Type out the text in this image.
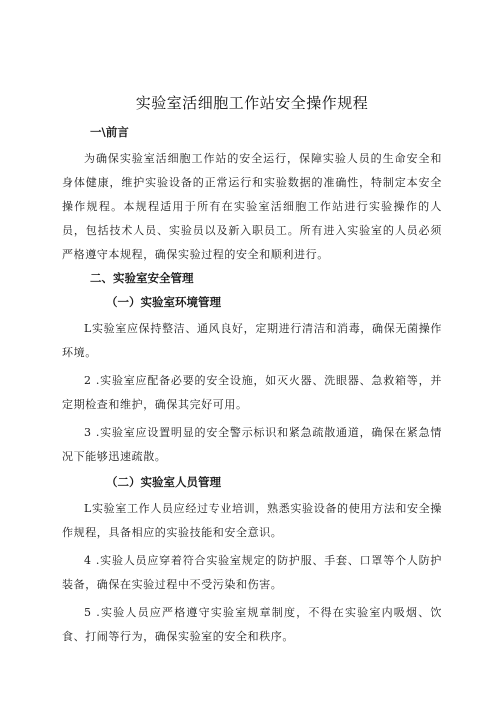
实验室活细胞工作站安全操作规程
一\前言

为确保实验室活细胞工作站的安全运行，保障实验人员的生命安全和身体健康，维护实验设备的正常运行和实验数据的准确性，特制定本安全操作规程。本规程适用于所有在实验室活细胞工作站进行实验操作的人员，包括技术人员、实验员以及新入职员工。所有进入实验室的人员必须严格遵守本规程，确保实验过程的安全和顺利进行。

二、实验室安全管理
（一）实验室环境管理

L实验室应保持整洁、通风良好，定期进行清洁和消毒，确保无菌操作环境。

2 .实验室应配备必要的安全设施，如灭火器、洗眼器、急救箱等，并定期检查和维护，确保其完好可用。

3 .实验室应设置明显的安全警示标识和紧急疏散通道，确保在紧急情况下能够迅速疏散。

（二）实验室人员管理

L实验室工作人员应经过专业培训，熟悉实验设备的使用方法和安全操作规程，具备相应的实验技能和安全意识。

4 .实验人员应穿着符合实验室规定的防护服、手套、口罩等个人防护装备，确保在实验过程中不受污染和伤害。

5 .实验人员应严格遵守实验室规章制度，不得在实验室内吸烟、饮食、打闹等行为，确保实验室的安全和秩序。
